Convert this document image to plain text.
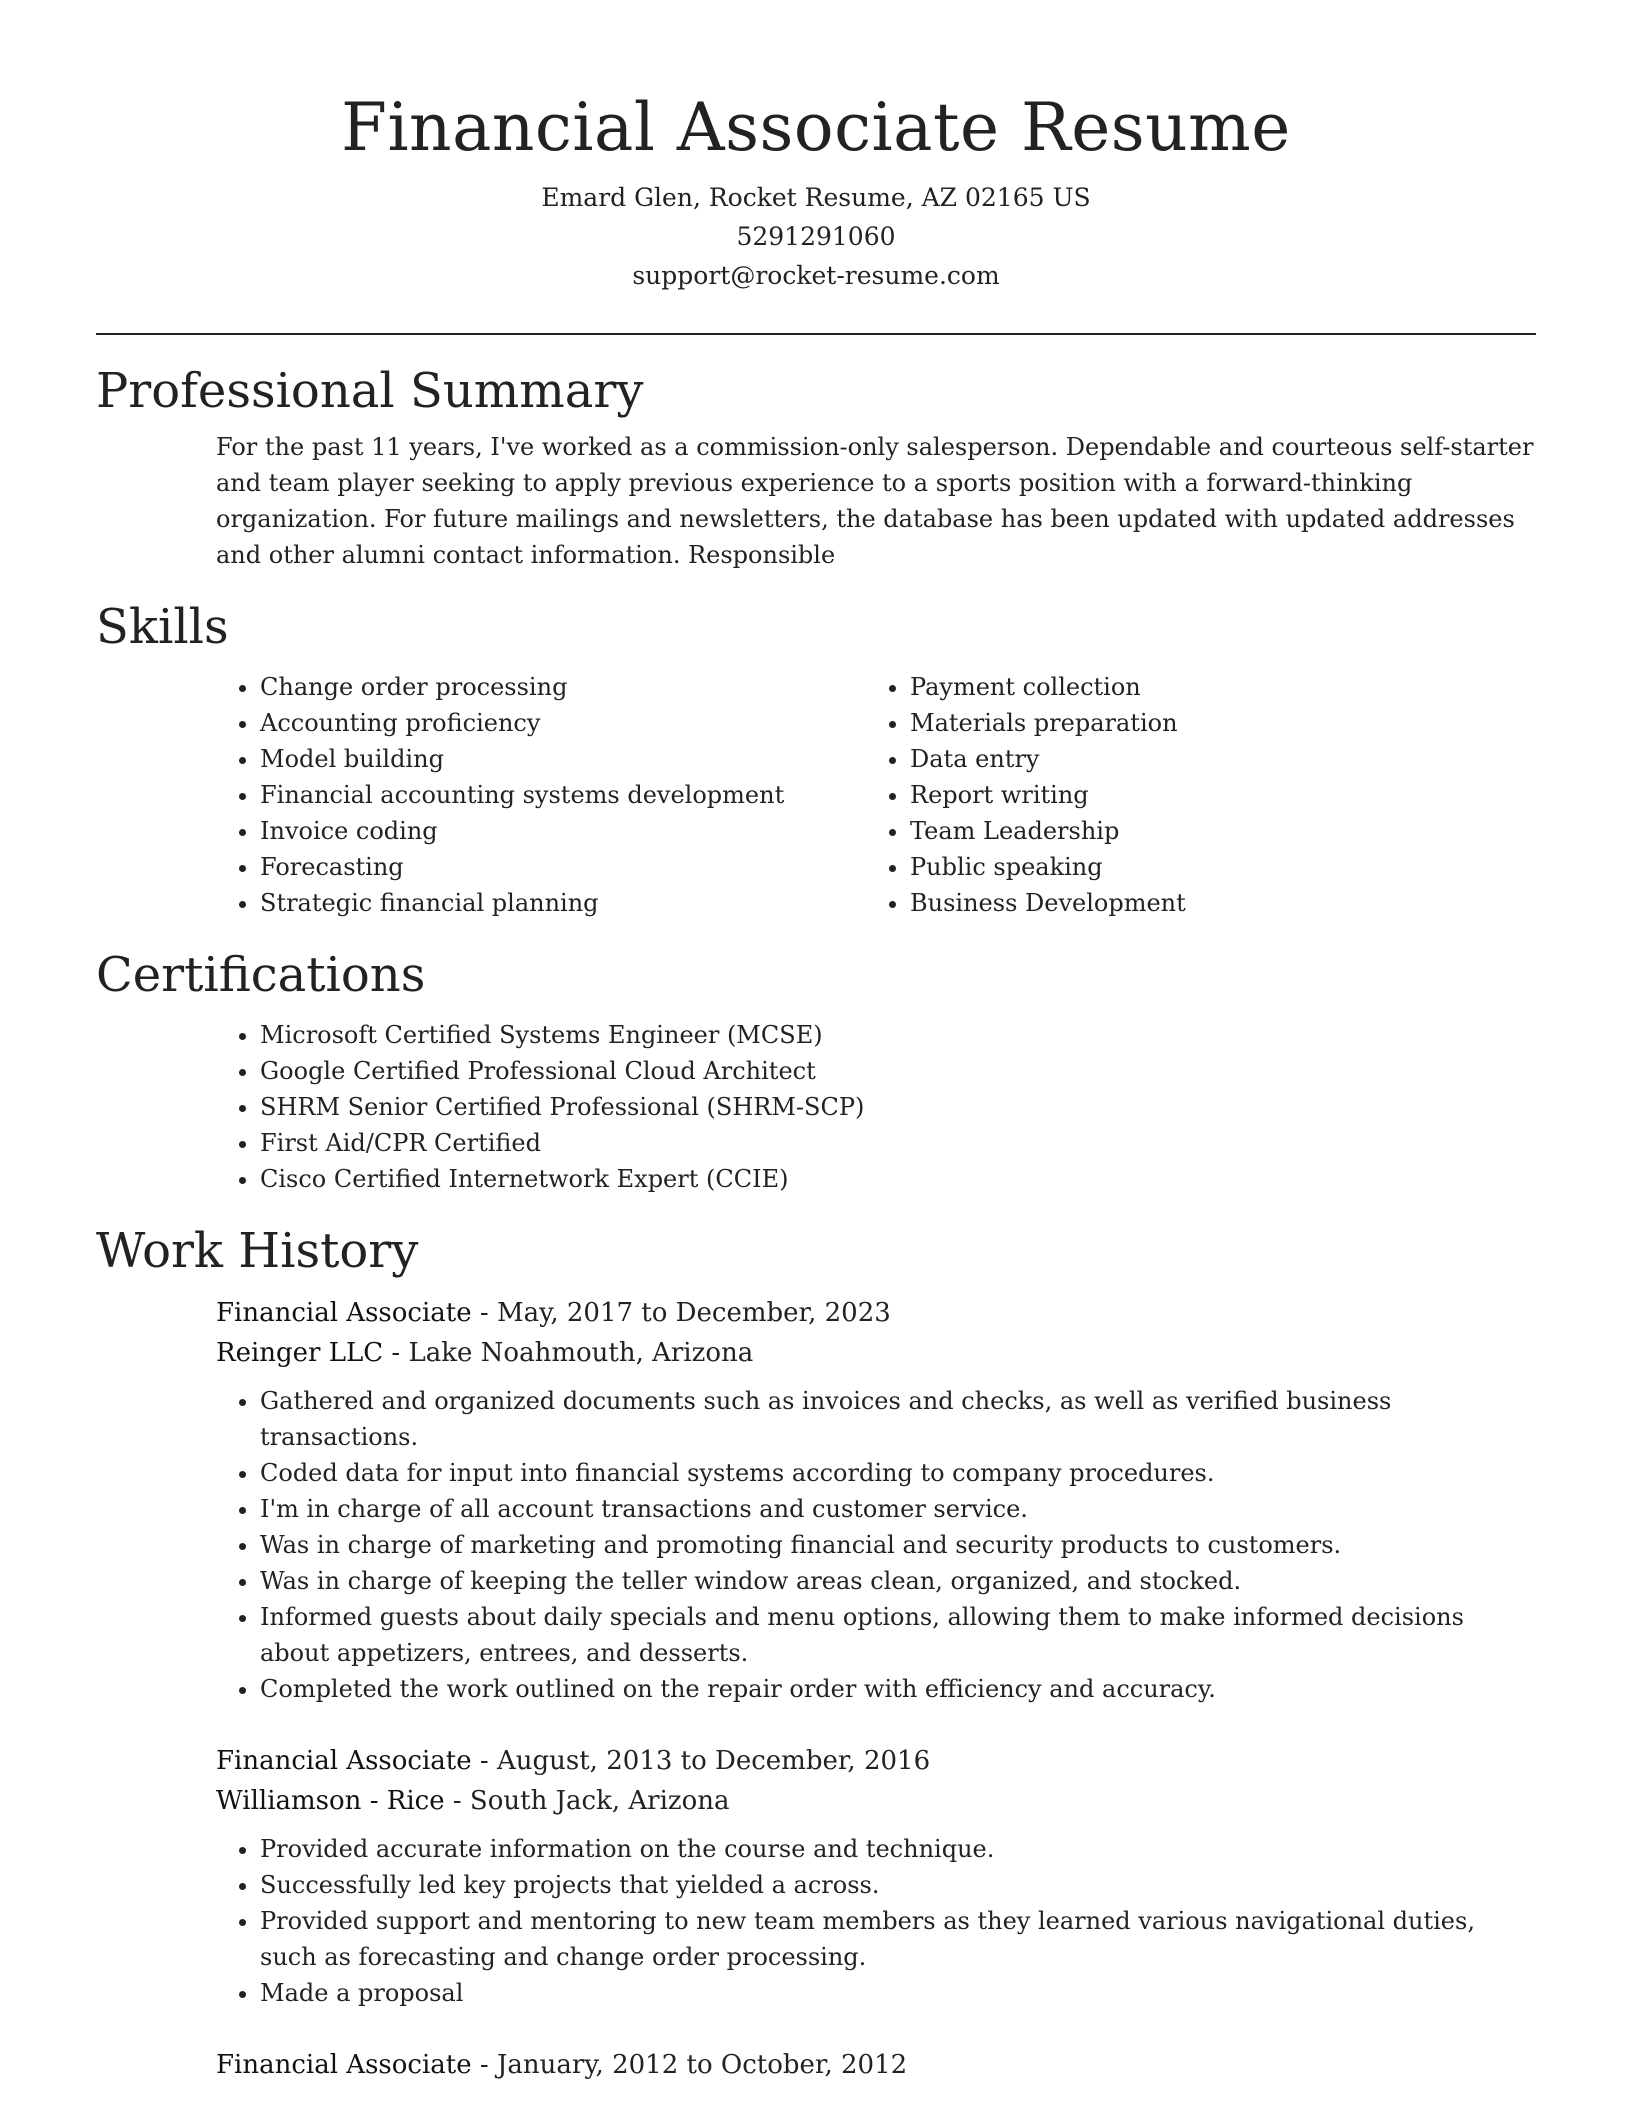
Financial Associate Resume
Emard Glen, Rocket Resume, AZ 02165 US
5291291060
support@rocket-resume.com
Professional Summary

For the past 11 years, I've worked as a commission-only salesperson. Dependable and courteous self-starter and team player seeking to apply previous experience to a sports position with a forward-thinking organization. For future mailings and newsletters, the database has been updated with updated addresses and other alumni contact information. Responsible

Skills
• Change order processing
• Accounting proficiency
• Model building
• Financial accounting systems development
• Invoice coding
• Forecasting
• Strategic financial planning
• Payment collection
• Materials preparation
• Data entry
• Report writing
• Team Leadership
• Public speaking
• Business Development
Certifications
• Microsoft Certified Systems Engineer (MCSE)
• Google Certified Professional Cloud Architect
• SHRM Senior Certified Professional (SHRM-SCP)
• First Aid/CPR Certified
• Cisco Certified Internetwork Expert (CCIE)
Work History
Financial Associate - May, 2017 to December, 2023
Reinger LLC - Lake Noahmouth, Arizona
• Gathered and organized documents such as invoices and checks, as well as verified business transactions.
• Coded data for input into financial systems according to company procedures.
• I'm in charge of all account transactions and customer service.
• Was in charge of marketing and promoting financial and security products to customers.
• Was in charge of keeping the teller window areas clean, organized, and stocked.
• Informed guests about daily specials and menu options, allowing them to make informed decisions about appetizers, entrees, and desserts.
• Completed the work outlined on the repair order with efficiency and accuracy.
Financial Associate - August, 2013 to December, 2016
Williamson - Rice - South Jack, Arizona
• Provided accurate information on the course and technique.
• Successfully led key projects that yielded a across.
• Provided support and mentoring to new team members as they learned various navigational duties, such as forecasting and change order processing.
• Made a proposal
Financial Associate - January, 2012 to October, 2012
